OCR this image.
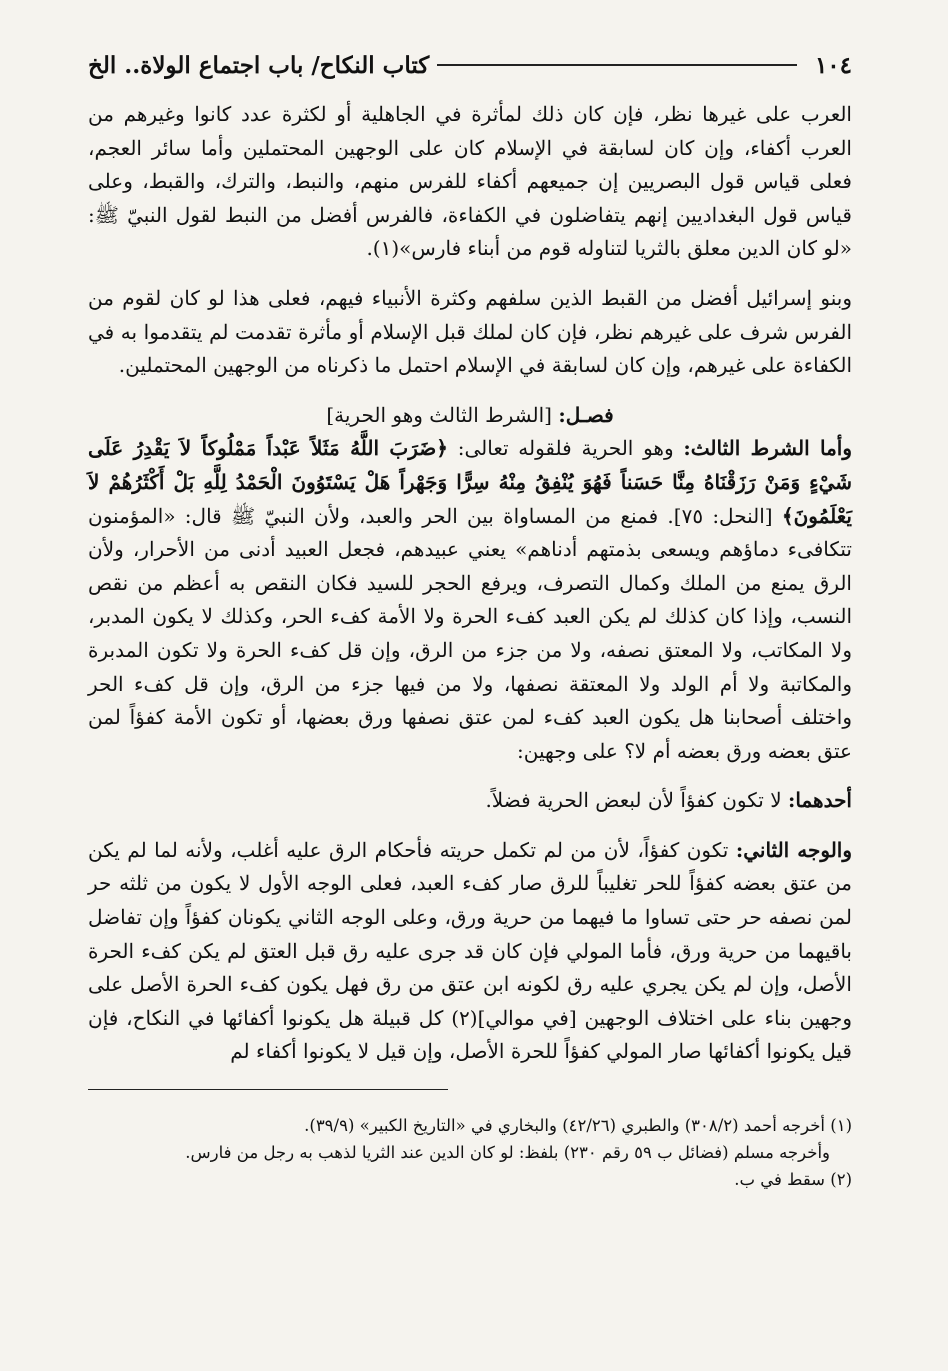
١٠٤
كتاب النكاح/ باب اجتماع الولاة.. الخ

العرب على غيرها نظر، فإن كان ذلك لمأثرة في الجاهلية أو لكثرة عدد كانوا وغيرهم من العرب أكفاء، وإن كان لسابقة في الإسلام كان على الوجهين المحتملين وأما سائر العجم، فعلى قياس قول البصريين إن جميعهم أكفاء للفرس منهم، والنبط، والترك، والقبط، وعلى قياس قول البغداديين إنهم يتفاضلون في الكفاءة، فالفرس أفضل من النبط لقول النبيّ ﷺ: «لو كان الدين معلق بالثريا لتناوله قوم من أبناء فارس»(١).

وبنو إسرائيل أفضل من القبط الذين سلفهم وكثرة الأنبياء فيهم، فعلى هذا لو كان لقوم من الفرس شرف على غيرهم نظر، فإن كان لملك قبل الإسلام أو مأثرة تقدمت لم يتقدموا به في الكفاءة على غيرهم، وإن كان لسابقة في الإسلام احتمل ما ذكرناه من الوجهين المحتملين.

فصـل: [الشرط الثالث وهو الحرية]

وأما الشرط الثالث: وهو الحرية فلقوله تعالى: ﴿ضَرَبَ اللَّهُ مَثَلاً عَبْداً مَمْلُوكاً لاَ يَقْدِرُ عَلَى شَيْءٍ وَمَنْ رَزَقْنَاهُ مِنَّا حَسَناً فَهُوَ يُنْفِقُ مِنْهُ سِرًّا وَجَهْراً هَلْ يَسْتَوُونَ الْحَمْدُ لِلَّهِ بَلْ أَكْثَرُهُمْ لاَ يَعْلَمُونَ﴾ [النحل: ٧٥]. فمنع من المساواة بين الحر والعبد، ولأن النبيّ ﷺ قال: «المؤمنون تتكافىء دماؤهم ويسعى بذمتهم أدناهم» يعني عبيدهم، فجعل العبيد أدنى من الأحرار، ولأن الرق يمنع من الملك وكمال التصرف، ويرفع الحجر للسيد فكان النقص به أعظم من نقص النسب، وإذا كان كذلك لم يكن العبد كفء الحرة ولا الأمة كفء الحر، وكذلك لا يكون المدبر، ولا المكاتب، ولا المعتق نصفه، ولا من جزء من الرق، وإن قل كفء الحرة ولا تكون المدبرة والمكاتبة ولا أم الولد ولا المعتقة نصفها، ولا من فيها جزء من الرق، وإن قل كفء الحر واختلف أصحابنا هل يكون العبد كفء لمن عتق نصفها ورق بعضها، أو تكون الأمة كفؤاً لمن عتق بعضه ورق بعضه أم لا؟ على وجهين:

أحدهما: لا تكون كفؤاً لأن لبعض الحرية فضلاً.

والوجه الثاني: تكون كفؤاً، لأن من لم تكمل حريته فأحكام الرق عليه أغلب، ولأنه لما لم يكن من عتق بعضه كفؤاً للحر تغليباً للرق صار كفء العبد، فعلى الوجه الأول لا يكون من ثلثه حر لمن نصفه حر حتى تساوا ما فيهما من حرية ورق، وعلى الوجه الثاني يكونان كفؤاً وإن تفاضل باقيهما من حرية ورق، فأما المولي فإن كان قد جرى عليه رق قبل العتق لم يكن كفء الحرة الأصل، وإن لم يكن يجري عليه رق لكونه ابن عتق من رق فهل يكون كفء الحرة الأصل على وجهين بناء على اختلاف الوجهين [في موالي](٢) كل قبيلة هل يكونوا أكفائها في النكاح، فإن قيل يكونوا أكفائها صار المولي كفؤاً للحرة الأصل، وإن قيل لا يكونوا أكفاء لم

(١) أخرجه أحمد (٣٠٨/٢) والطبري (٤٢/٢٦) والبخاري في «التاريخ الكبير» (٣٩/٩).
وأخرجه مسلم (فضائل ب ٥٩ رقم ٢٣٠) بلفظ: لو كان الدين عند الثريا لذهب به رجل من فارس.
(٢) سقط في ب.
